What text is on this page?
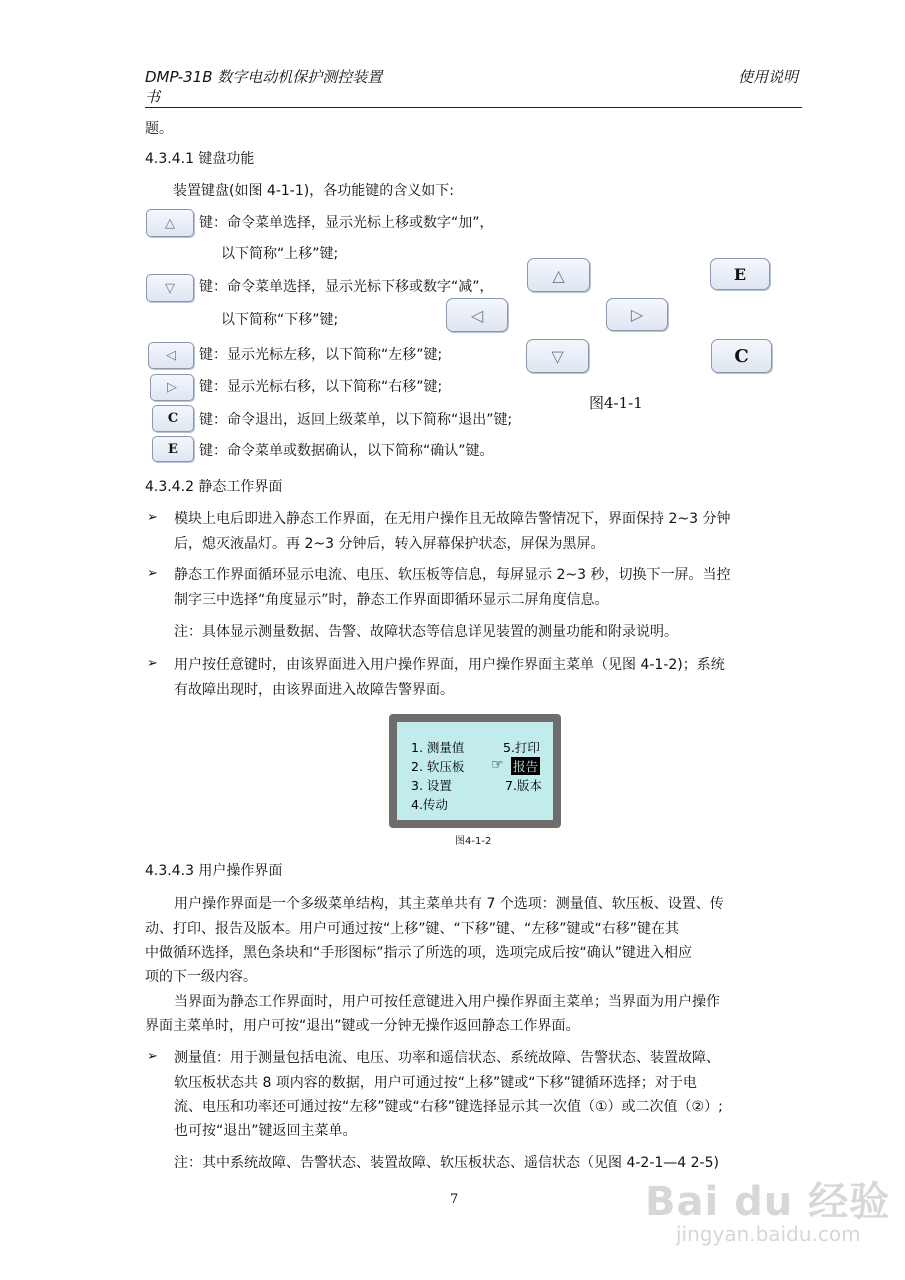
DMP-31B 数字电动机保护测控装置
书
使用说明
题。
4.3.4.1 键盘功能
装置键盘(如图 4-1-1)，各功能键的含义如下:
△ 键：命令菜单选择，显示光标上移或数字“加”，
以下简称“上移”键;
▽ 键：命令菜单选择，显示光标下移或数字“减”，
以下简称“下移”键;
◁ 键：显示光标左移，以下简称“左移”键;
▷ 键：显示光标右移，以下简称“右移”键;
C 键：命令退出，返回上级菜单，以下简称“退出”键;
E 键：命令菜单或数据确认，以下简称“确认”键。
△	E
◁	▷
▽	C
图4-1-1
4.3.4.2 静态工作界面
➢ 模块上电后即进入静态工作界面，在无用户操作且无故障告警情况下，界面保持 2~3 分钟
后，熄灭液晶灯。再 2~3 分钟后，转入屏幕保护状态，屏保为黑屏。
➢ 静态工作界面循环显示电流、电压、软压板等信息，每屏显示 2~3 秒，切换下一屏。当控
制字三中选择“角度显示”时，静态工作界面即循环显示二屏角度信息。
注：具体显示测量数据、告警、故障状态等信息详见装置的测量功能和附录说明。
➢ 用户按任意键时，由该界面进入用户操作界面，用户操作界面主菜单（见图 4-1-2)；系统
有故障出现时，由该界面进入故障告警界面。
1. 测量值
2. 软压板
3. 设置
4.传动
5.打印
☞ 报告
7.版本
图4-1-2
4.3.4.3 用户操作界面
用户操作界面是一个多级菜单结构，其主菜单共有 7 个选项：测量值、软压板、设置、传
动、打印、报告及版本。用户可通过按“上移”键、“下移”键、“左移”键或“右移”键在其
中做循环选择，黑色条块和“手形图标”指示了所选的项，选项完成后按“确认”键进入相应
项的下一级内容。
当界面为静态工作界面时，用户可按任意键进入用户操作界面主菜单；当界面为用户操作
界面主菜单时，用户可按“退出”键或一分钟无操作返回静态工作界面。
➢ 测量值：用于测量包括电流、电压、功率和遥信状态、系统故障、告警状态、装置故障、
软压板状态共 8 项内容的数据，用户可通过按“上移”键或“下移”键循环选择；对于电
流、电压和功率还可通过按“左移”键或“右移”键选择显示其一次值（①）或二次值（②）;
也可按“退出”键返回主菜单。
注：其中系统故障、告警状态、装置故障、软压板状态、遥信状态（见图 4-2-1—4 2-5)
7	Bai du 经验
jingyan.baidu.com
